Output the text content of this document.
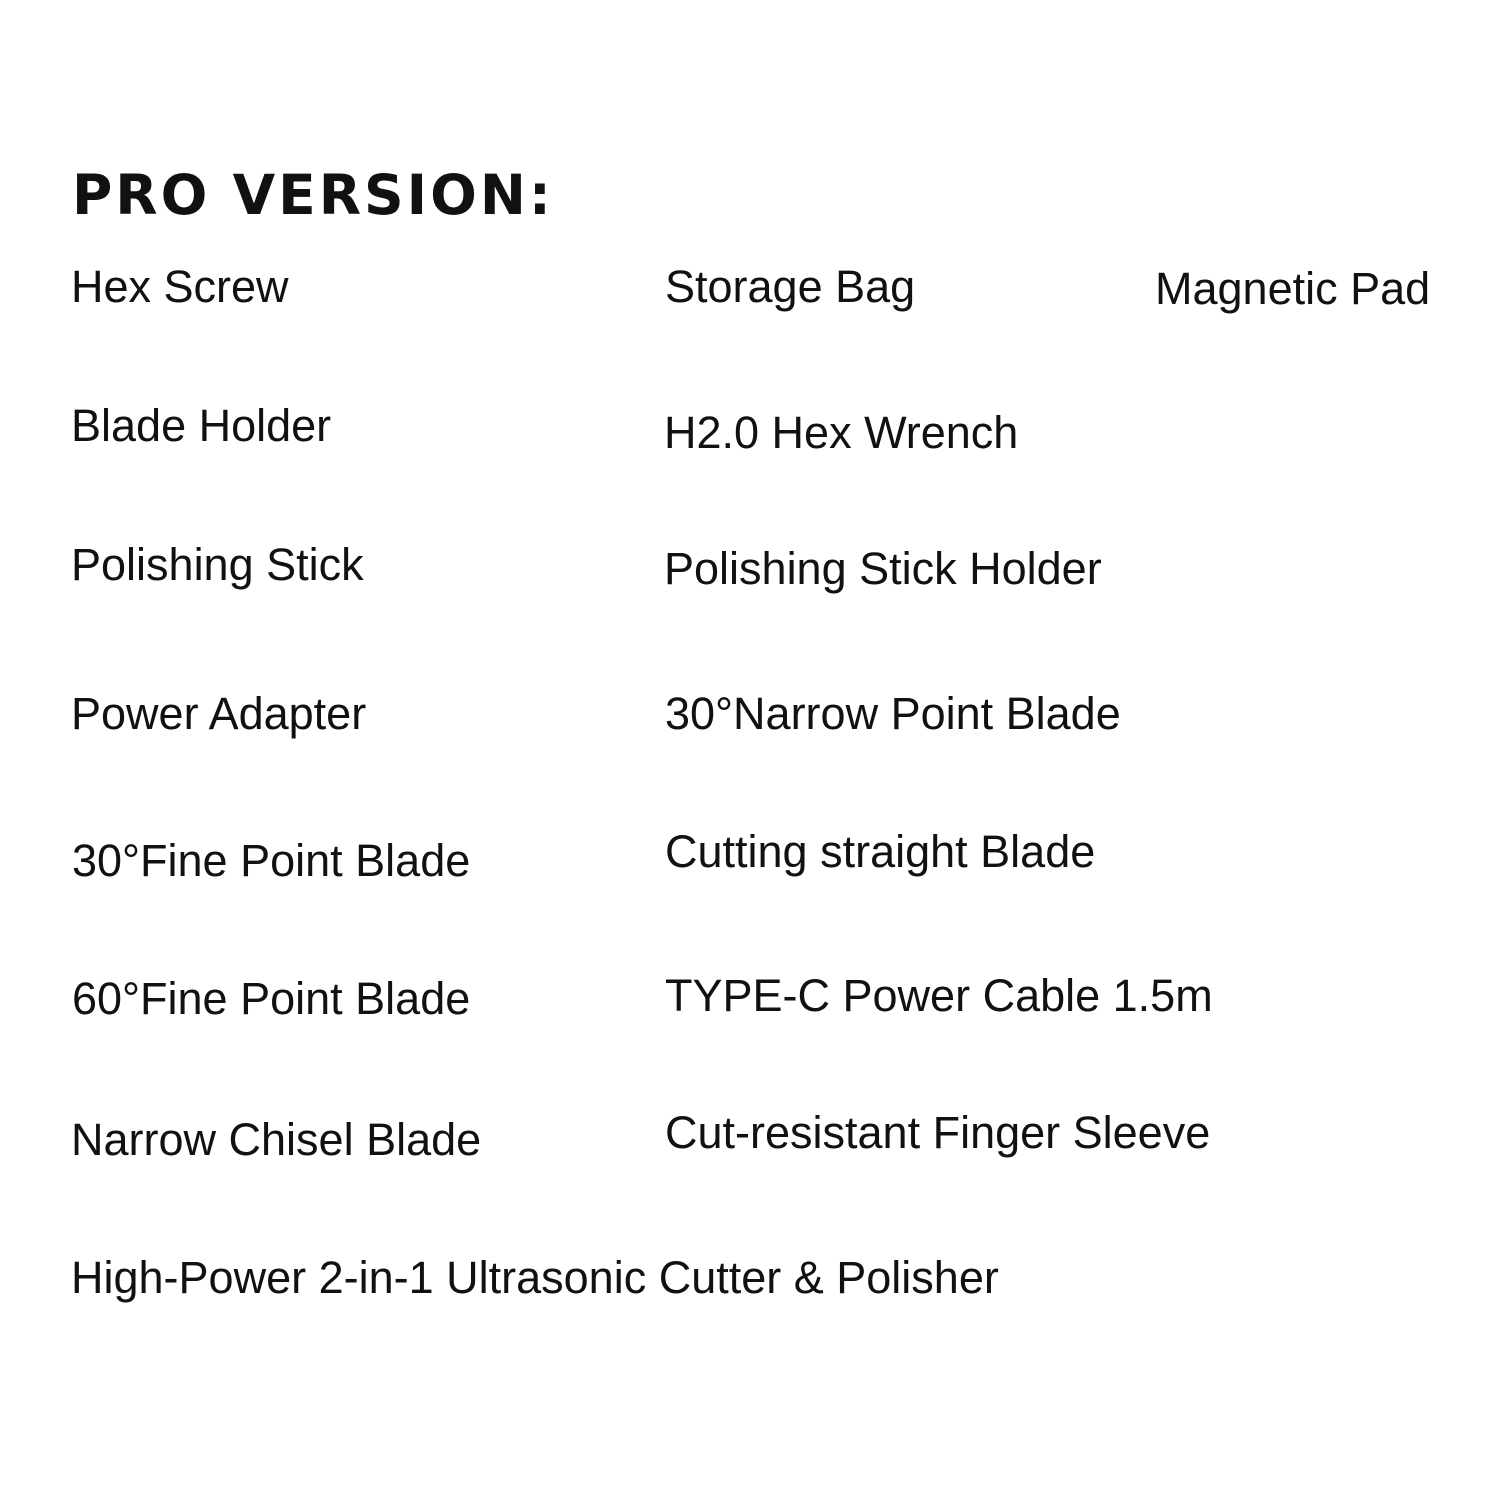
PRO VERSION:
Hex Screw	Storage Bag	Magnetic Pad
Blade Holder	H2.0 Hex Wrench
Polishing Stick	Polishing Stick Holder
Power Adapter	30°Narrow Point Blade
30°Fine Point Blade	Cutting straight Blade
60°Fine Point Blade	TYPE-C Power Cable 1.5m
Narrow Chisel Blade	Cut-resistant Finger Sleeve
High-Power 2-in-1 Ultrasonic Cutter & Polisher
